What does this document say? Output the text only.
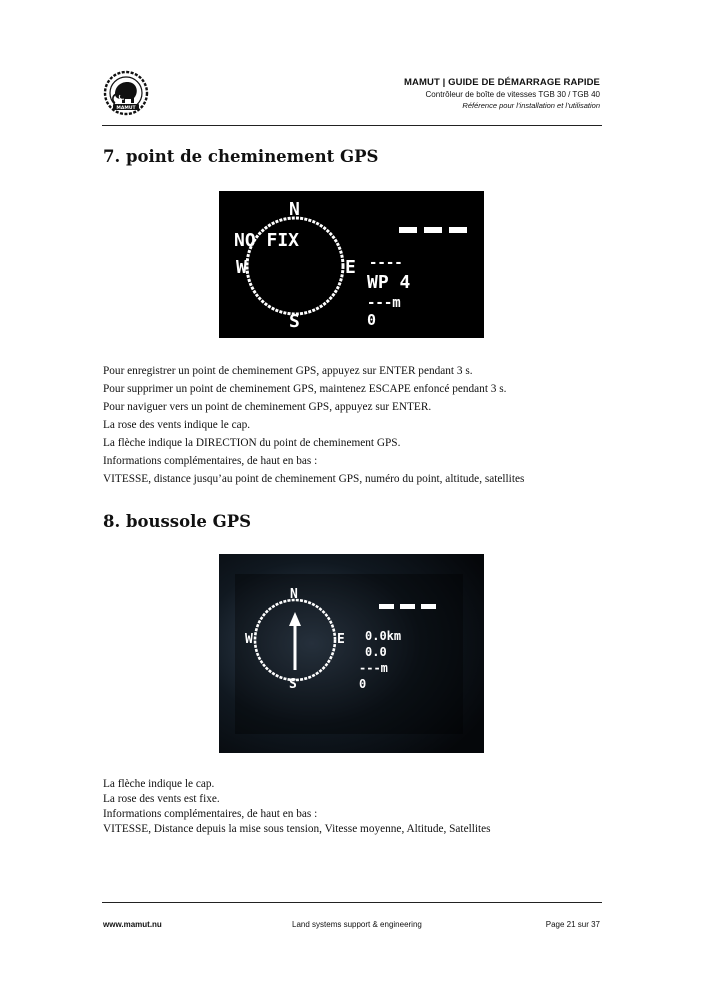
MAMUT
MAMUT | GUIDE DE DÉMARRAGE RAPIDE
Contrôleur de boîte de vitesses TGB 30 / TGB 40
Référence pour l’installation et l’utilisation
7. point de cheminement GPS
N
S
E
W
NO FIX
----
WP 4
---m
0
Pour enregistrer un point de cheminement GPS, appuyez sur ENTER pendant 3 s.
Pour supprimer un point de cheminement GPS, maintenez ESCAPE enfoncé pendant 3 s.
Pour naviguer vers un point de cheminement GPS, appuyez sur ENTER.
La rose des vents indique le cap.
La flèche indique la DIRECTION du point de cheminement GPS.
Informations complémentaires, de haut en bas :
VITESSE, distance jusqu’au point de cheminement GPS, numéro du point, altitude, satellites
8. boussole GPS
N
S
E
W	0.0km
0.0
---m
0
La flèche indique le cap.
La rose des vents est fixe.
Informations complémentaires, de haut en bas :
VITESSE, Distance depuis la mise sous tension, Vitesse moyenne, Altitude, Satellites
www.mamut.nu	Land systems support & engineering	Page 21 sur 37
